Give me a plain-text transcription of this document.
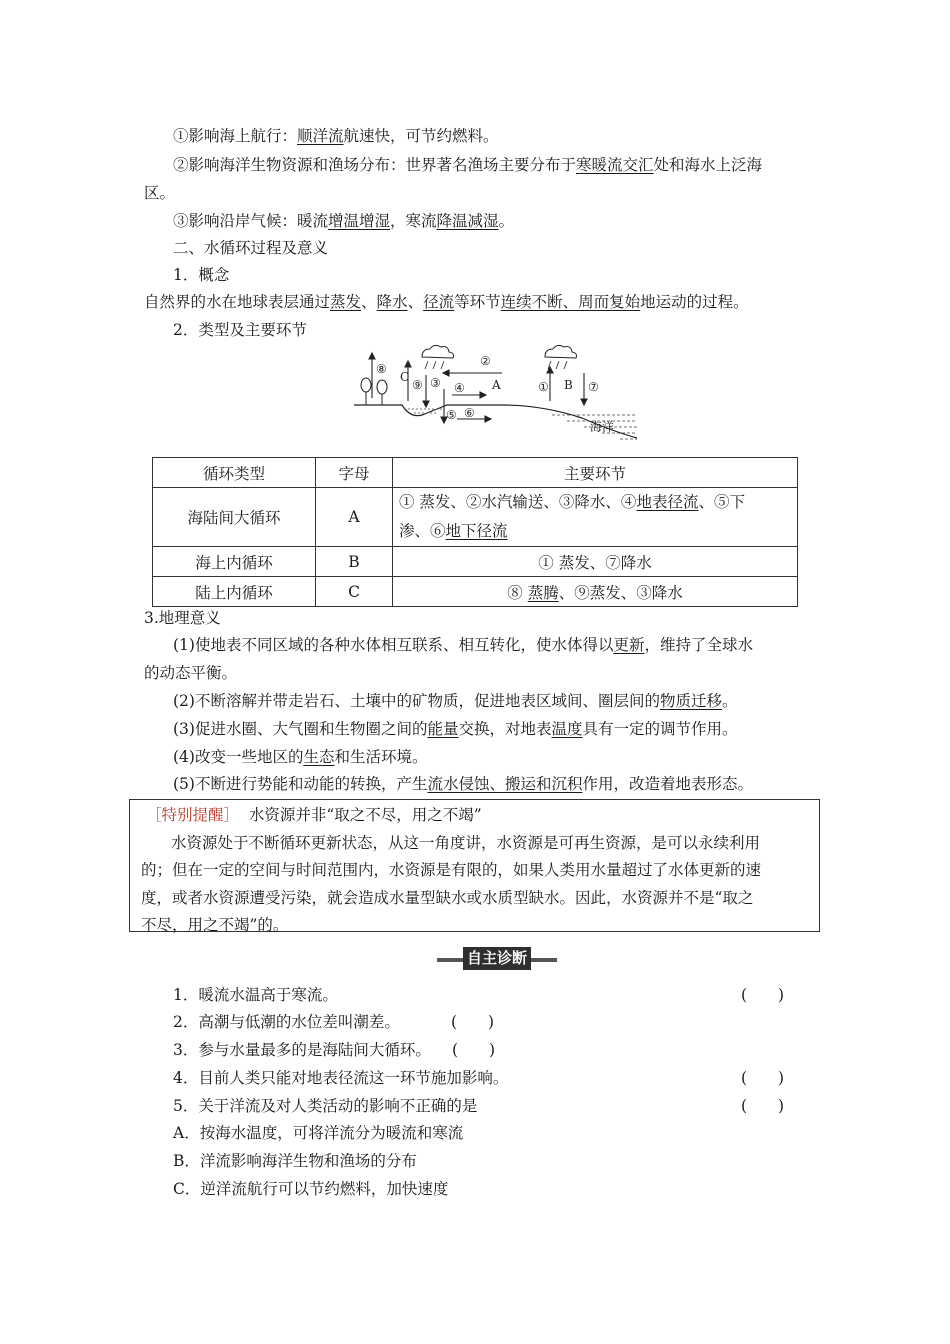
①影响海上航行：顺洋流航速快，可节约燃料。
②影响海洋生物资源和渔场分布：世界著名渔场主要分布于寒暖流交汇处和海水上泛海
区。
③影响沿岸气候：暖流增温增湿，寒流降温减湿。
二、水循环过程及意义
1．概念
自然界的水在地球表层通过蒸发、降水、径流等环节连续不断、周而复始地运动的过程。
2．类型及主要环节
⑧
C
⑨ ③
②
④ A
⑤ ⑥
① B ⑦
海洋
循环类型	字母	主要环节
海陆间大循环	A	① 蒸发、②水汽输送、③降水、④地表径流、⑤下
渗、⑥地下径流
海上内循环	B	① 蒸发、⑦降水
陆上内循环	C	⑧ 蒸腾、⑨蒸发、③降水
3.地理意义
(1)使地表不同区域的各种水体相互联系、相互转化，使水体得以更新，维持了全球水
的动态平衡。
(2)不断溶解并带走岩石、土壤中的矿物质，促进地表区域间、圈层间的物质迁移。
(3)促进水圈、大气圈和生物圈之间的能量交换，对地表温度具有一定的调节作用。
(4)改变一些地区的生态和生活环境。
(5)不断进行势能和动能的转换，产生流水侵蚀、搬运和沉积作用，改造着地表形态。
［特别提醒］ 水资源并非“取之不尽，用之不竭”
水资源处于不断循环更新状态，从这一角度讲，水资源是可再生资源，是可以永续利用
的；但在一定的空间与时间范围内，水资源是有限的，如果人类用水量超过了水体更新的速
度，或者水资源遭受污染，就会造成水量型缺水或水质型缺水。因此，水资源并不是“取之
不尽，用之不竭”的。
自主诊断
1．暖流水温高于寒流。	(　　)
2．高潮与低潮的水位差叫潮差。	(　　)
3．参与水量最多的是海陆间大循环。 (　　)
4．目前人类只能对地表径流这一环节施加影响。	(　　)
5．关于洋流及对人类活动的影响不正确的是	(　　)
A．按海水温度，可将洋流分为暖流和寒流
B．洋流影响海洋生物和渔场的分布
C．逆洋流航行可以节约燃料，加快速度
